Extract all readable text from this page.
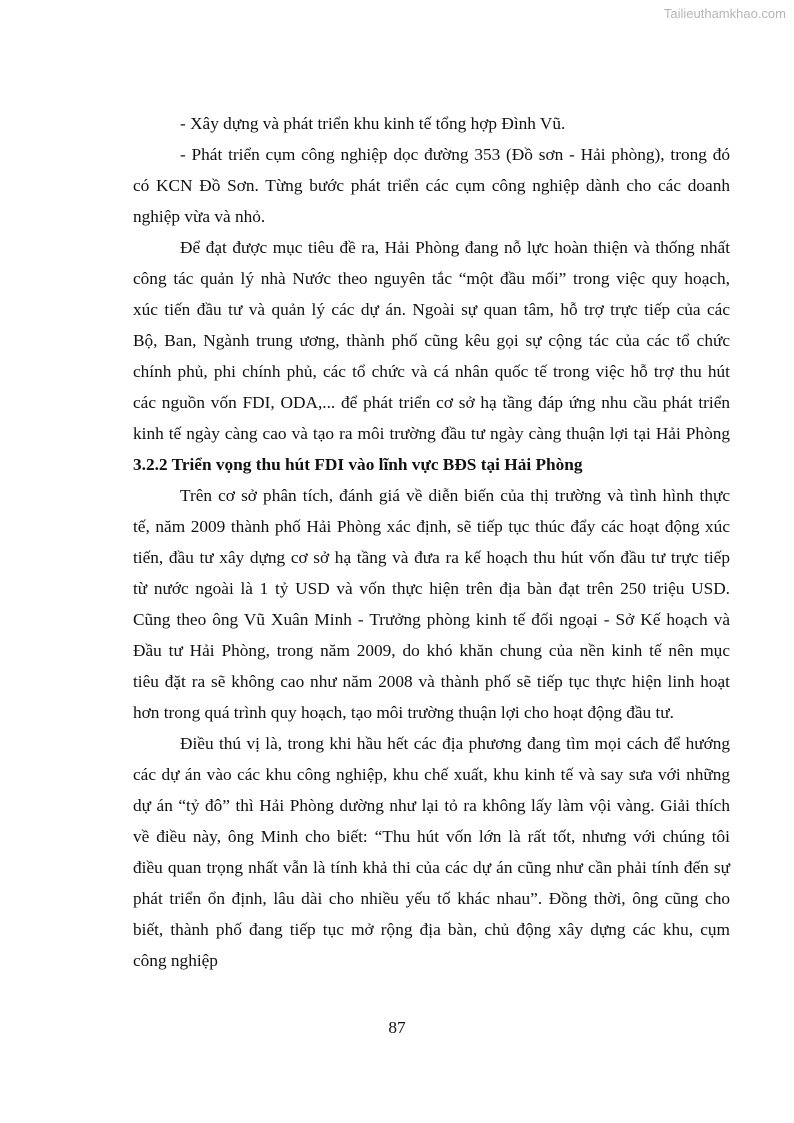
Tailieuthamkhao.com
- Xây dựng và phát triển khu kinh tế tổng hợp Đình Vũ.
- Phát triển cụm công nghiệp dọc đường 353 (Đồ sơn - Hải phòng), trong đó
có KCN Đồ Sơn. Từng bước phát triển các cụm công nghiệp dành cho các doanh
nghiệp vừa và nhỏ.
Để đạt được mục tiêu đề ra, Hải Phòng đang nỗ lực hoàn thiện và thống nhất
công tác quản lý nhà Nước theo nguyên tắc “một đầu mối” trong việc quy hoạch,
xúc tiến đầu tư và quản lý các dự án. Ngoài sự quan tâm, hỗ trợ trực tiếp của các
Bộ, Ban, Ngành trung ương, thành phố cũng kêu gọi sự cộng tác của các tổ chức
chính phủ, phi chính phủ, các tổ chức và cá nhân quốc tế trong việc hỗ trợ thu hút
các nguồn vốn FDI, ODA,... để phát triển cơ sở hạ tầng đáp ứng nhu cầu phát triển
kinh tế ngày càng cao và tạo ra môi trường đầu tư ngày càng thuận lợi tại Hải Phòng
3.2.2 Triển vọng thu hút FDI vào lĩnh vực BĐS tại Hải Phòng
Trên cơ sở phân tích, đánh giá về diễn biến của thị trường và tình hình thực
tế, năm 2009 thành phố Hải Phòng xác định, sẽ tiếp tục thúc đẩy các hoạt động xúc
tiến, đầu tư xây dựng cơ sở hạ tầng và đưa ra kế hoạch thu hút vốn đầu tư trực tiếp
từ nước ngoài là 1 tỷ USD và vốn thực hiện trên địa bàn đạt trên 250 triệu USD.
Cũng theo ông Vũ Xuân Minh - Trưởng phòng kinh tế đối ngoại - Sở Kế hoạch và
Đầu tư Hải Phòng, trong năm 2009, do khó khăn chung của nền kinh tế nên mục
tiêu đặt ra sẽ không cao như năm 2008 và thành phố sẽ tiếp tục thực hiện linh hoạt
hơn trong quá trình quy hoạch, tạo môi trường thuận lợi cho hoạt động đầu tư.
Điều thú vị là, trong khi hầu hết các địa phương đang tìm mọi cách để hướng
các dự án vào các khu công nghiệp, khu chế xuất, khu kinh tế và say sưa với những
dự án “tỷ đô” thì Hải Phòng dường như lại tỏ ra không lấy làm vội vàng. Giải thích
về điều này, ông Minh cho biết: “Thu hút vốn lớn là rất tốt, nhưng với chúng tôi
điều quan trọng nhất vẫn là tính khả thi của các dự án cũng như cần phải tính đến sự
phát triển ổn định, lâu dài cho nhiều yếu tố khác nhau”. Đồng thời, ông cũng cho
biết, thành phố đang tiếp tục mở rộng địa bàn, chủ động xây dựng các khu, cụm
công nghiệp
87
